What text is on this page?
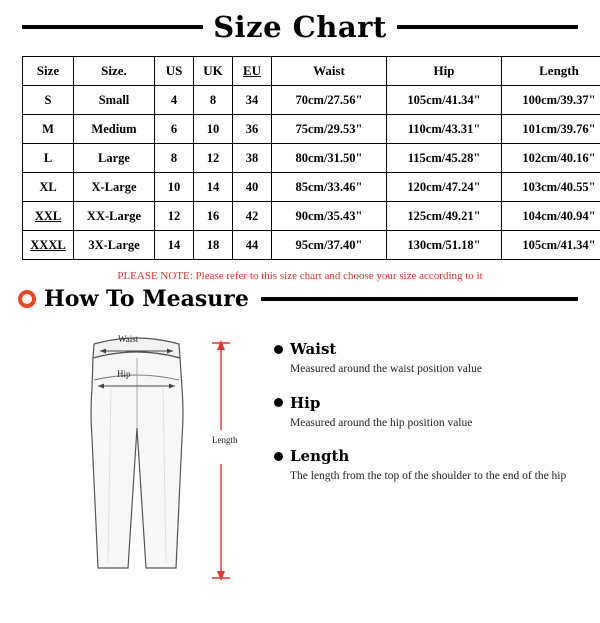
Size Chart
Size	Size.	US	UK	EU	Waist	Hip	Length
S	Small	4	8	34	70cm/27.56"	105cm/41.34"	100cm/39.37"
M	Medium	6	10	36	75cm/29.53"	110cm/43.31"	101cm/39.76"
L	Large	8	12	38	80cm/31.50"	115cm/45.28"	102cm/40.16"
XL	X-Large	10	14	40	85cm/33.46"	120cm/47.24"	103cm/40.55"
XXL	XX-Large	12	16	42	90cm/35.43"	125cm/49.21"	104cm/40.94"
XXXL	3X-Large	14	18	44	95cm/37.40"	130cm/51.18"	105cm/41.34"
PLEASE NOTE: Please refer to this size chart and choose your size according to it
How To Measure
Waist
Hip
Length
Waist
Measured around the waist position value
Hip
Measured around the hip position value
Length
The length from the top of the shoulder to the end of the hip
